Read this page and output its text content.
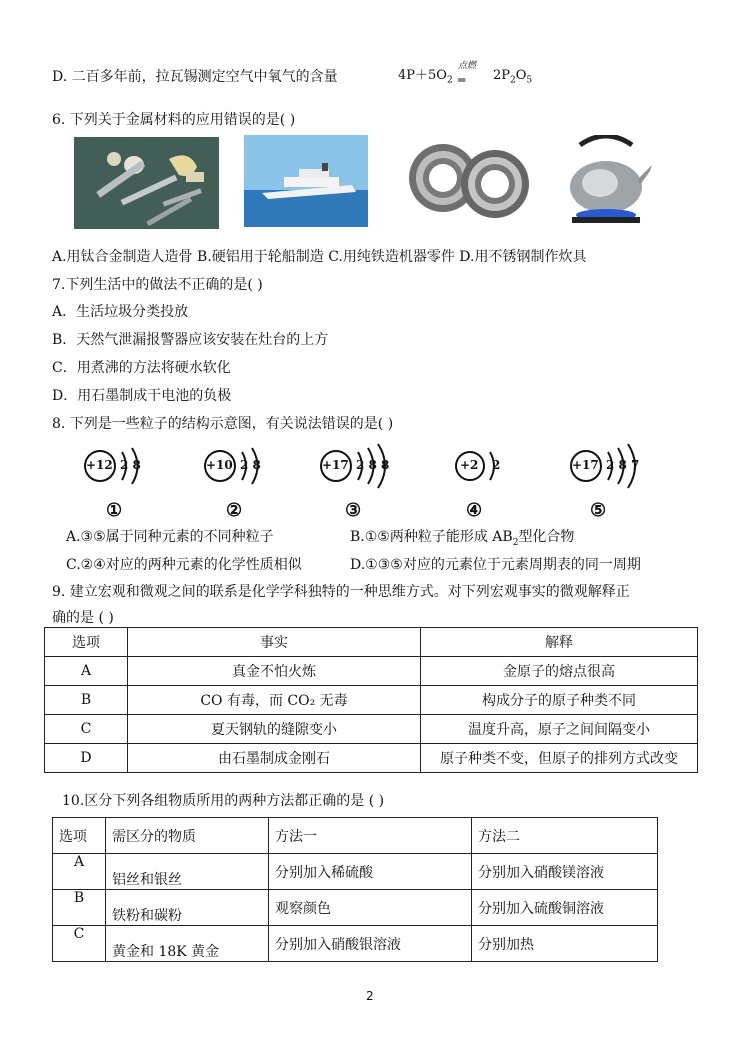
D. 二百多年前，拉瓦锡测定空气中氧气的含量	$4P+5O_2$
点燃
═ $2P_2O_5$
6. 下列关于金属材料的应用错误的是( )
A.用钛合金制造人造骨 B.硬铝用于轮船制造 C.用纯铁造机器零件 D.用不锈钢制作炊具
7.下列生活中的做法不正确的是( )
A．生活垃圾分类投放
B．天然气泄漏报警器应该安装在灶台的上方
C．用煮沸的方法将硬水软化
D．用石墨制成干电池的负极
8. 下列是一些粒子的结构示意图，有关说法错误的是( )
+12 2 8	+10 2 8	+17 2 8 8	+2 2	+17 2 8 7
①	②	③	④	⑤
A.③⑤属于同种元素的不同种粒子	B.①⑤两种粒子能形成 $AB_2$型化合物
C.②④对应的两种元素的化学性质相似	D.①③⑤对应的元素位于元素周期表的同一周期
9. 建立宏观和微观之间的联系是化学学科独特的一种思维方式。对下列宏观事实的微观解释正
确的是 ( )
选项	事实	解释
A	真金不怕火炼	金原子的熔点很高
B	CO 有毒，而 CO₂ 无毒	构成分子的原子种类不同
C	夏天钢轨的缝隙变小	温度升高，原子之间间隔变小
D	由石墨制成金刚石	原子种类不变，但原子的排列方式改变
10.区分下列各组物质所用的两种方法都正确的是 ( )
选项	需区分的物质	方法一	方法二
A	铝丝和银丝	分别加入稀硫酸	分别加入硝酸镁溶液
B	铁粉和碳粉	观察颜色	分别加入硫酸铜溶液
C	黄金和 18K 黄金	分别加入硝酸银溶液	分别加热
2
